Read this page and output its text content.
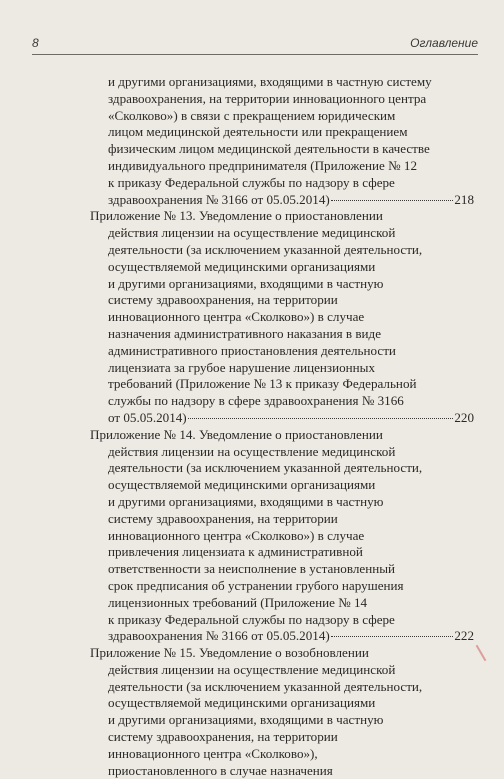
8	Оглавление
и другими организациями, входящими в частную систему
здравоохранения, на территории инновационного центра
«Сколково») в связи с прекращением юридическим
лицом медицинской деятельности или прекращением
физическим лицом медицинской деятельности в качестве
индивидуального предпринимателя (Приложение № 12
к приказу Федеральной службы по надзору в сфере
здравоохранения № 3166 от 05.05.2014)	218
Приложение № 13. Уведомление о приостановлении
действия лицензии на осуществление медицинской
деятельности (за исключением указанной деятельности,
осуществляемой медицинскими организациями
и другими организациями, входящими в частную
систему здравоохранения, на территории
инновационного центра «Сколково») в случае
назначения административного наказания в виде
административного приостановления деятельности
лицензиата за грубое нарушение лицензионных
требований (Приложение № 13 к приказу Федеральной
службы по надзору в сфере здравоохранения № 3166
от 05.05.2014)	220
Приложение № 14. Уведомление о приостановлении
действия лицензии на осуществление медицинской
деятельности (за исключением указанной деятельности,
осуществляемой медицинскими организациями
и другими организациями, входящими в частную
систему здравоохранения, на территории
инновационного центра «Сколково») в случае
привлечения лицензиата к административной
ответственности за неисполнение в установленный
срок предписания об устранении грубого нарушения
лицензионных требований (Приложение № 14
к приказу Федеральной службы по надзору в сфере
здравоохранения № 3166 от 05.05.2014)	222
Приложение № 15. Уведомление о возобновлении
действия лицензии на осуществление медицинской
деятельности (за исключением указанной деятельности,
осуществляемой медицинскими организациями
и другими организациями, входящими в частную
систему здравоохранения, на территории
инновационного центра «Сколково»),
приостановленного в случае назначения
